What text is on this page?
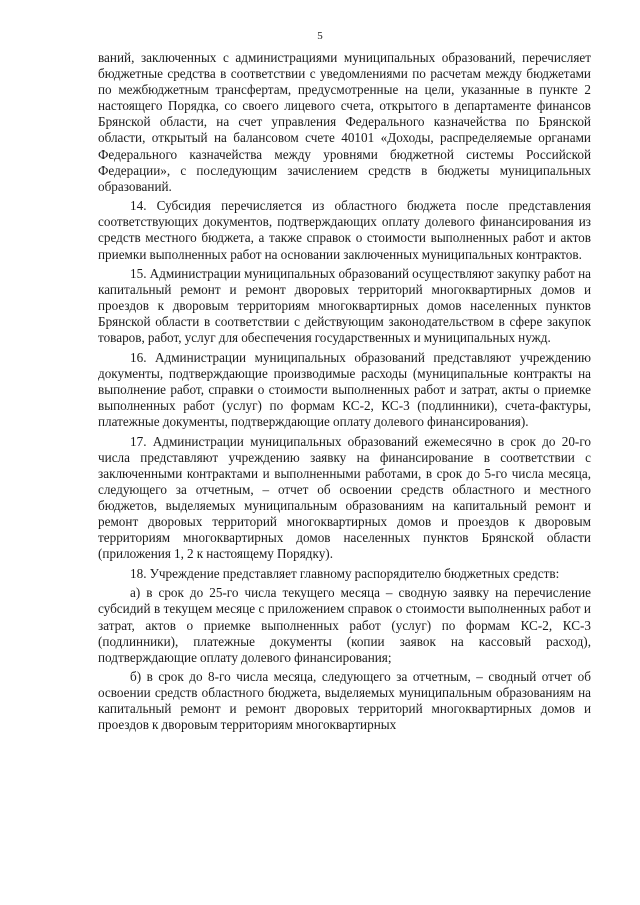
5

ваний, заключенных с администрациями муниципальных образований, перечисляет бюджетные средства в соответствии с уведомлениями по расчетам между бюджетами по межбюджетным трансфертам, предусмотренные на цели, указанные в пункте 2 настоящего Порядка, со своего лицевого счета, открытого в департаменте финансов Брянской области, на счет управления Федерального казначейства по Брянской области, открытый на балансовом счете 40101 «Доходы, распределяемые органами Федерального казначейства между уровнями бюджетной системы Российской Федерации», с последующим зачислением средств в бюджеты муниципальных образований.

14. Субсидия перечисляется из областного бюджета после представления соответствующих документов, подтверждающих оплату долевого финансирования из средств местного бюджета, а также справок о стоимости выполненных работ и актов приемки выполненных работ на основании заключенных муниципальных контрактов.

15. Администрации муниципальных образований осуществляют закупку работ на капитальный ремонт и ремонт дворовых территорий многоквартирных домов и проездов к дворовым территориям многоквартирных домов населенных пунктов Брянской области в соответствии с действующим законодательством в сфере закупок товаров, работ, услуг для обеспечения государственных и муниципальных нужд.

16. Администрации муниципальных образований представляют учреждению документы, подтверждающие производимые расходы (муниципальные контракты на выполнение работ, справки о стоимости выполненных работ и затрат, акты о приемке выполненных работ (услуг) по формам КС-2, КС-3 (подлинники), счета-фактуры, платежные документы, подтверждающие оплату долевого финансирования).

17. Администрации муниципальных образований ежемесячно в срок до 20-го числа представляют учреждению заявку на финансирование в соответствии с заключенными контрактами и выполненными работами, в срок до 5-го числа месяца, следующего за отчетным, – отчет об освоении средств областного и местного бюджетов, выделяемых муниципальным образованиям на капитальный ремонт и ремонт дворовых территорий многоквартирных домов и проездов к дворовым территориям многоквартирных домов населенных пунктов Брянской области (приложения 1, 2 к настоящему Порядку).

18. Учреждение представляет главному распорядителю бюджетных средств:

а) в срок до 25-го числа текущего месяца – сводную заявку на перечисление субсидий в текущем месяце с приложением справок о стоимости выполненных работ и затрат, актов о приемке выполненных работ (услуг) по формам КС-2, КС-3 (подлинники), платежные документы (копии заявок на кассовый расход), подтверждающие оплату долевого финансирования;

б) в срок до 8-го числа месяца, следующего за отчетным, – сводный отчет об освоении средств областного бюджета, выделяемых муниципальным образованиям на капитальный ремонт и ремонт дворовых территорий многоквартирных домов и проездов к дворовым территориям многоквартирных
